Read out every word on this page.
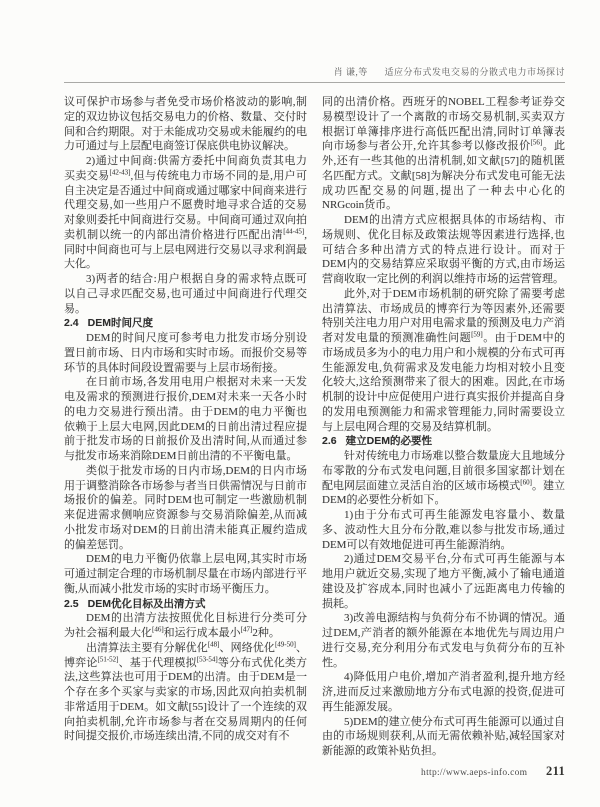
肖 谦,等 适应分布式发电交易的分散式电力市场探讨

议可保护市场参与者免受市场价格波动的影响,制定的双边协议包括交易电力的价格、数量、交付时间和合约期限。对于未能成功交易或未能履约的电力可通过与上层配电商签订保底供电协议解决。

2)通过中间商:供需方委托中间商负责其电力买卖交易[42-43],但与传统电力市场不同的是,用户可自主决定是否通过中间商或通过哪家中间商来进行代理交易,如一些用户不愿费时地寻求合适的交易对象则委托中间商进行交易。中间商可通过双向拍卖机制以统一的内部出清价格进行匹配出清[44-45],同时中间商也可与上层电网进行交易以寻求利润最大化。

3)两者的结合:用户根据自身的需求特点既可以自己寻求匹配交易,也可通过中间商进行代理交易。

2.4 DEM时间尺度

DEM的时间尺度可参考电力批发市场分别设置日前市场、日内市场和实时市场。而报价交易等环节的具体时间段设置需要与上层市场衔接。

在日前市场,各发用电用户根据对未来一天发电及需求的预测进行报价,DEM对未来一天各小时的电力交易进行预出清。由于DEM的电力平衡也依赖于上层大电网,因此DEM的日前出清过程应提前于批发市场的日前报价及出清时间,从而通过参与批发市场来消除DEM日前出清的不平衡电量。

类似于批发市场的日内市场,DEM的日内市场用于调整消除各市场参与者当日供需情况与日前市场报价的偏差。同时DEM也可制定一些激励机制来促进需求侧响应资源参与交易消除偏差,从而减小批发市场对DEM的日前出清未能真正履约造成的偏差惩罚。

DEM的电力平衡仍依靠上层电网,其实时市场可通过制定合理的市场机制尽量在市场内部进行平衡,从而减小批发市场的实时市场平衡压力。

2.5 DEM优化目标及出清方式

DEM的出清方法按照优化目标进行分类可分为社会福利最大化[46]和运行成本最小[47]2种。

出清算法主要有分解优化[48]、网络优化[49-50]、博弈论[51-52]、基于代理模拟[53-54]等分布式优化类方法,这些算法也可用于DEM的出清。由于DEM是一个存在多个买家与卖家的市场,因此双向拍卖机制非常适用于DEM。如文献[55]设计了一个连续的双向拍卖机制,允许市场参与者在交易周期内的任何时间提交报价,市场连续出清,不同的成交对有不

同的出清价格。西班牙的NOBEL工程参考证券交易模型设计了一个离散的市场交易机制,买卖双方根据订单簿排序进行高低匹配出清,同时订单簿表向市场参与者公开,允许其参考以修改报价[56]。此外,还有一些其他的出清机制,如文献[57]的随机匿名匹配方式。文献[58]为解决分布式发电可能无法成功匹配交易的问题,提出了一种去中心化的NRGcoin货币。

DEM的出清方式应根据具体的市场结构、市场规则、优化目标及政策法规等因素进行选择,也可结合多种出清方式的特点进行设计。而对于DEM内的交易结算应采取弱平衡的方式,由市场运营商收取一定比例的利润以维持市场的运营管理。

此外,对于DEM市场机制的研究除了需要考虑出清算法、市场成员的博弈行为等因素外,还需要特别关注电力用户对用电需求量的预测及电力产消者对发电量的预测准确性问题[59]。由于DEM中的市场成员多为小的电力用户和小规模的分布式可再生能源发电,负荷需求及发电能力均相对较小且变化较大,这给预测带来了很大的困难。因此,在市场机制的设计中应促使用户进行真实报价并提高自身的发用电预测能力和需求管理能力,同时需要设立与上层电网合理的交易及结算机制。

2.6 建立DEM的必要性

针对传统电力市场难以整合数量庞大且地域分布零散的分布式发电问题,目前很多国家都计划在配电网层面建立灵活自治的区域市场模式[60]。建立DEM的必要性分析如下。

1)由于分布式可再生能源发电容量小、数量多、波动性大且分布分散,难以参与批发市场,通过DEM可以有效地促进可再生能源消纳。

2)通过DEM交易平台,分布式可再生能源与本地用户就近交易,实现了地方平衡,减小了输电通道建设及扩容成本,同时也减小了远距离电力传输的损耗。

3)改善电源结构与负荷分布不协调的情况。通过DEM,产消者的额外能源在本地优先与周边用户进行交易,充分利用分布式发电与负荷分布的互补性。

4)降低用户电价,增加产消者盈利,提升地方经济,进而反过来激励地方分布式电源的投资,促进可再生能源发展。

5)DEM的建立使分布式可再生能源可以通过自由的市场规则获利,从而无需依赖补贴,减轻国家对新能源的政策补贴负担。

http://www.aeps-info.com 211
